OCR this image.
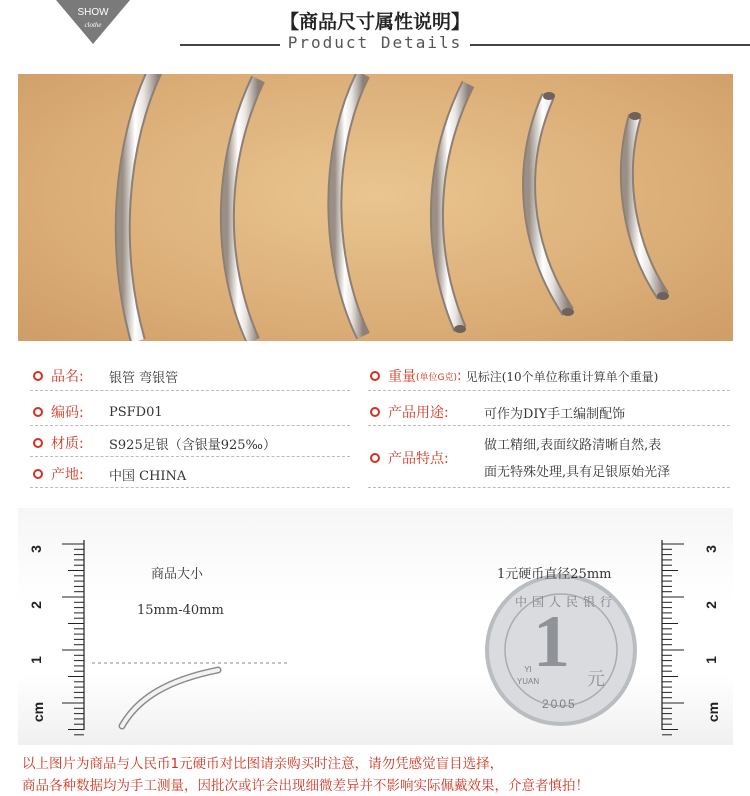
SHOW
clothe	【商品尺寸属性说明】
Product Details
品名:	银管 弯银管
编码:	PSFD01
材质:	S925足银（含银量925‰）
产地:	中国 CHINA
重量 (单位G克) : 见标注(10个单位称重计算单个重量)
产品用途:	可作为DIY手工编制配饰
产品特点:
做工精细,表面纹路清晰自然,表
面无特殊处理,具有足银原始光泽
3
2
1
cm
3
2
1
cm
商品大小
15mm-40mm
1元硬币直径25mm
中国人民银行
1 元
YI YUAN
2005
以上图片为商品与人民币1元硬币对比图请亲购买时注意，请勿凭感觉盲目选择，
商品各种数据均为手工测量，因批次或许会出现细微差异并不影响实际佩戴效果，介意者慎拍！
